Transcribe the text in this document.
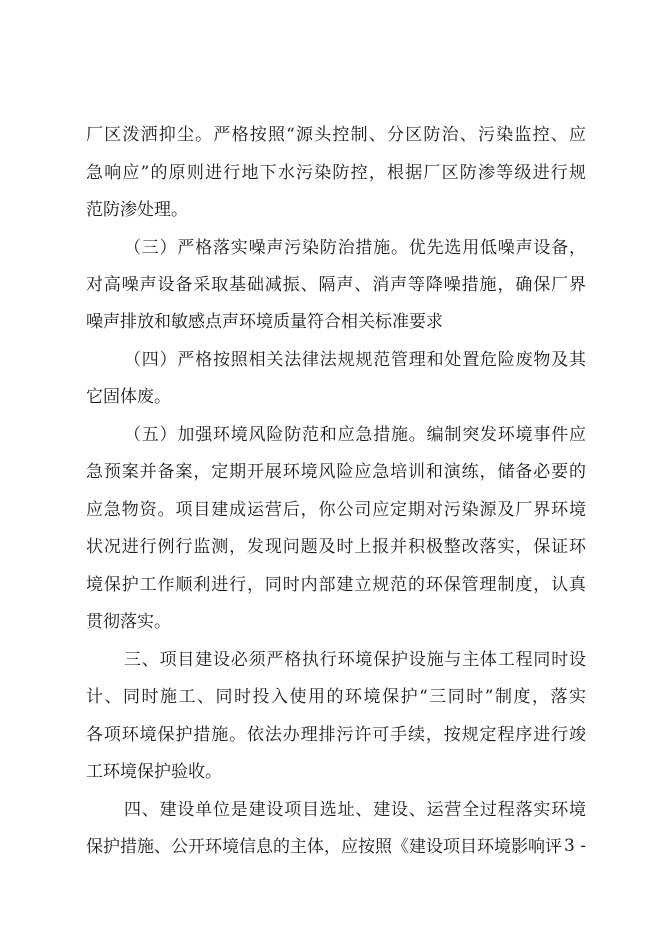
厂区泼洒抑尘。严格按照“源头控制、分区防治、污染监控、应
急响应”的原则进行地下水污染防控，根据厂区防渗等级进行规
范防渗处理。
（三）严格落实噪声污染防治措施。优先选用低噪声设备，
对高噪声设备采取基础减振、隔声、消声等降噪措施，确保厂界
噪声排放和敏感点声环境质量符合相关标准要求
（四）严格按照相关法律法规规范管理和处置危险废物及其
它固体废。
（五）加强环境风险防范和应急措施。编制突发环境事件应
急预案并备案，定期开展环境风险应急培训和演练，储备必要的
应急物资。项目建成运营后，你公司应定期对污染源及厂界环境
状况进行例行监测，发现问题及时上报并积极整改落实，保证环
境保护工作顺利进行，同时内部建立规范的环保管理制度，认真
贯彻落实。
三、项目建设必须严格执行环境保护设施与主体工程同时设
计、同时施工、同时投入使用的环境保护“三同时”制度，落实
各项环境保护措施。依法办理排污许可手续，按规定程序进行竣
工环境保护验收。
四、建设单位是建设项目选址、建设、运营全过程落实环境
保护措施、公开环境信息的主体，应按照《建设项目环境影响评
- 3 -
